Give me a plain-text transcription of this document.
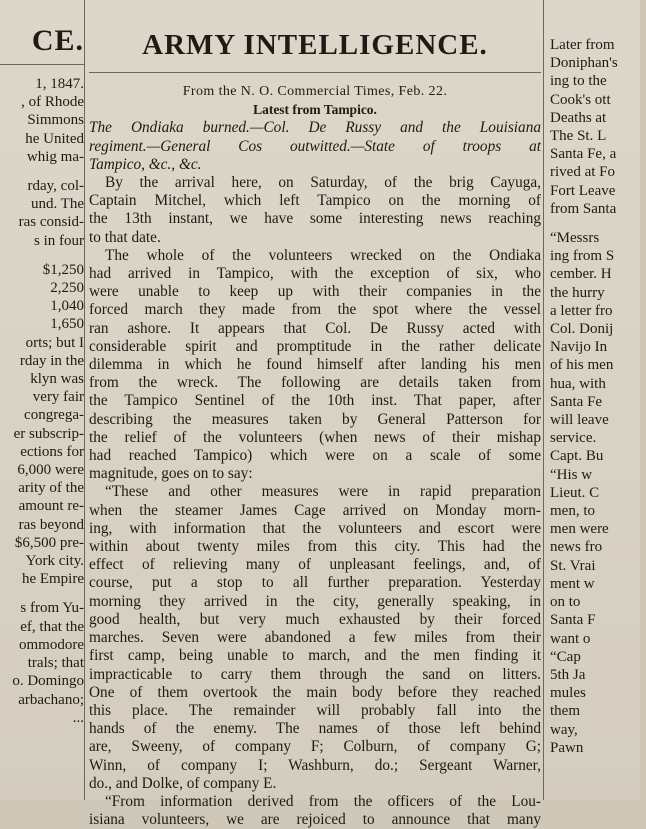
CE.
1, 1847.
, of Rhode
Simmons
he United
whig ma-
rday, col-
und. The
ras consid-
s in four
$1,250
2,250
1,040
1,650
orts; but I
rday in the
klyn was
very fair
congrega-
er subscrip-
ections for
6,000 were
arity of the
amount re-
ras beyond
$6,500 pre-
York city.
he Empire
s from Yu-
ef, that the
ommodore
trals; that
o. Domingo
arbachano;
...
ARMY INTELLIGENCE.
From the N. O. Commercial Times, Feb. 22.
Latest from Tampico.
The Ondiaka burned.—Col. De Russy and the Louisiana
regiment.—General Cos outwitted.—State of troops at
Tampico, &c., &c.
By the arrival here, on Saturday, of the brig Cayuga,
Captain Mitchel, which left Tampico on the morning of
the 13th instant, we have some interesting news reaching
to that date.
The whole of the volunteers wrecked on the Ondiaka
had arrived in Tampico, with the exception of six, who
were unable to keep up with their companies in the
forced march they made from the spot where the vessel
ran ashore. It appears that Col. De Russy acted with
considerable spirit and promptitude in the rather delicate
dilemma in which he found himself after landing his men
from the wreck. The following are details taken from
the Tampico Sentinel of the 10th inst. That paper, after
describing the measures taken by General Patterson for
the relief of the volunteers (when news of their mishap
had reached Tampico) which were on a scale of some
magnitude, goes on to say:
“These and other measures were in rapid preparation
when the steamer James Cage arrived on Monday morn-
ing, with information that the volunteers and escort were
within about twenty miles from this city. This had the
effect of relieving many of unpleasant feelings, and, of
course, put a stop to all further preparation. Yesterday
morning they arrived in the city, generally speaking, in
good health, but very much exhausted by their forced
marches. Seven were abandoned a few miles from their
first camp, being unable to march, and the men finding it
impracticable to carry them through the sand on litters.
One of them overtook the main body before they reached
this place. The remainder will probably fall into the
hands of the enemy. The names of those left behind
are, Sweeny, of company F; Colburn, of company G;
Winn, of company I; Washburn, do.; Sergeant Warner,
do., and Dolke, of company E.
“From information derived from the officers of the Lou-
isiana volunteers, we are rejoiced to announce that many
Later from
Doniphan's
ing to the
Cook's ott
Deaths at
The St. L
Santa Fe, a
rived at Fo
Fort Leave
from Santa
“Messrs
ing from S
cember. H
the hurry
a letter fro
Col. Donij
Navijo In
of his men
hua, with
Santa Fe
will leave
service.
Capt. Bu
“His w
Lieut. C
men, to
men were
news fro
St. Vrai
ment w
on to
Santa F
want o
“Cap
5th Ja
mules
them
way,
Pawn
